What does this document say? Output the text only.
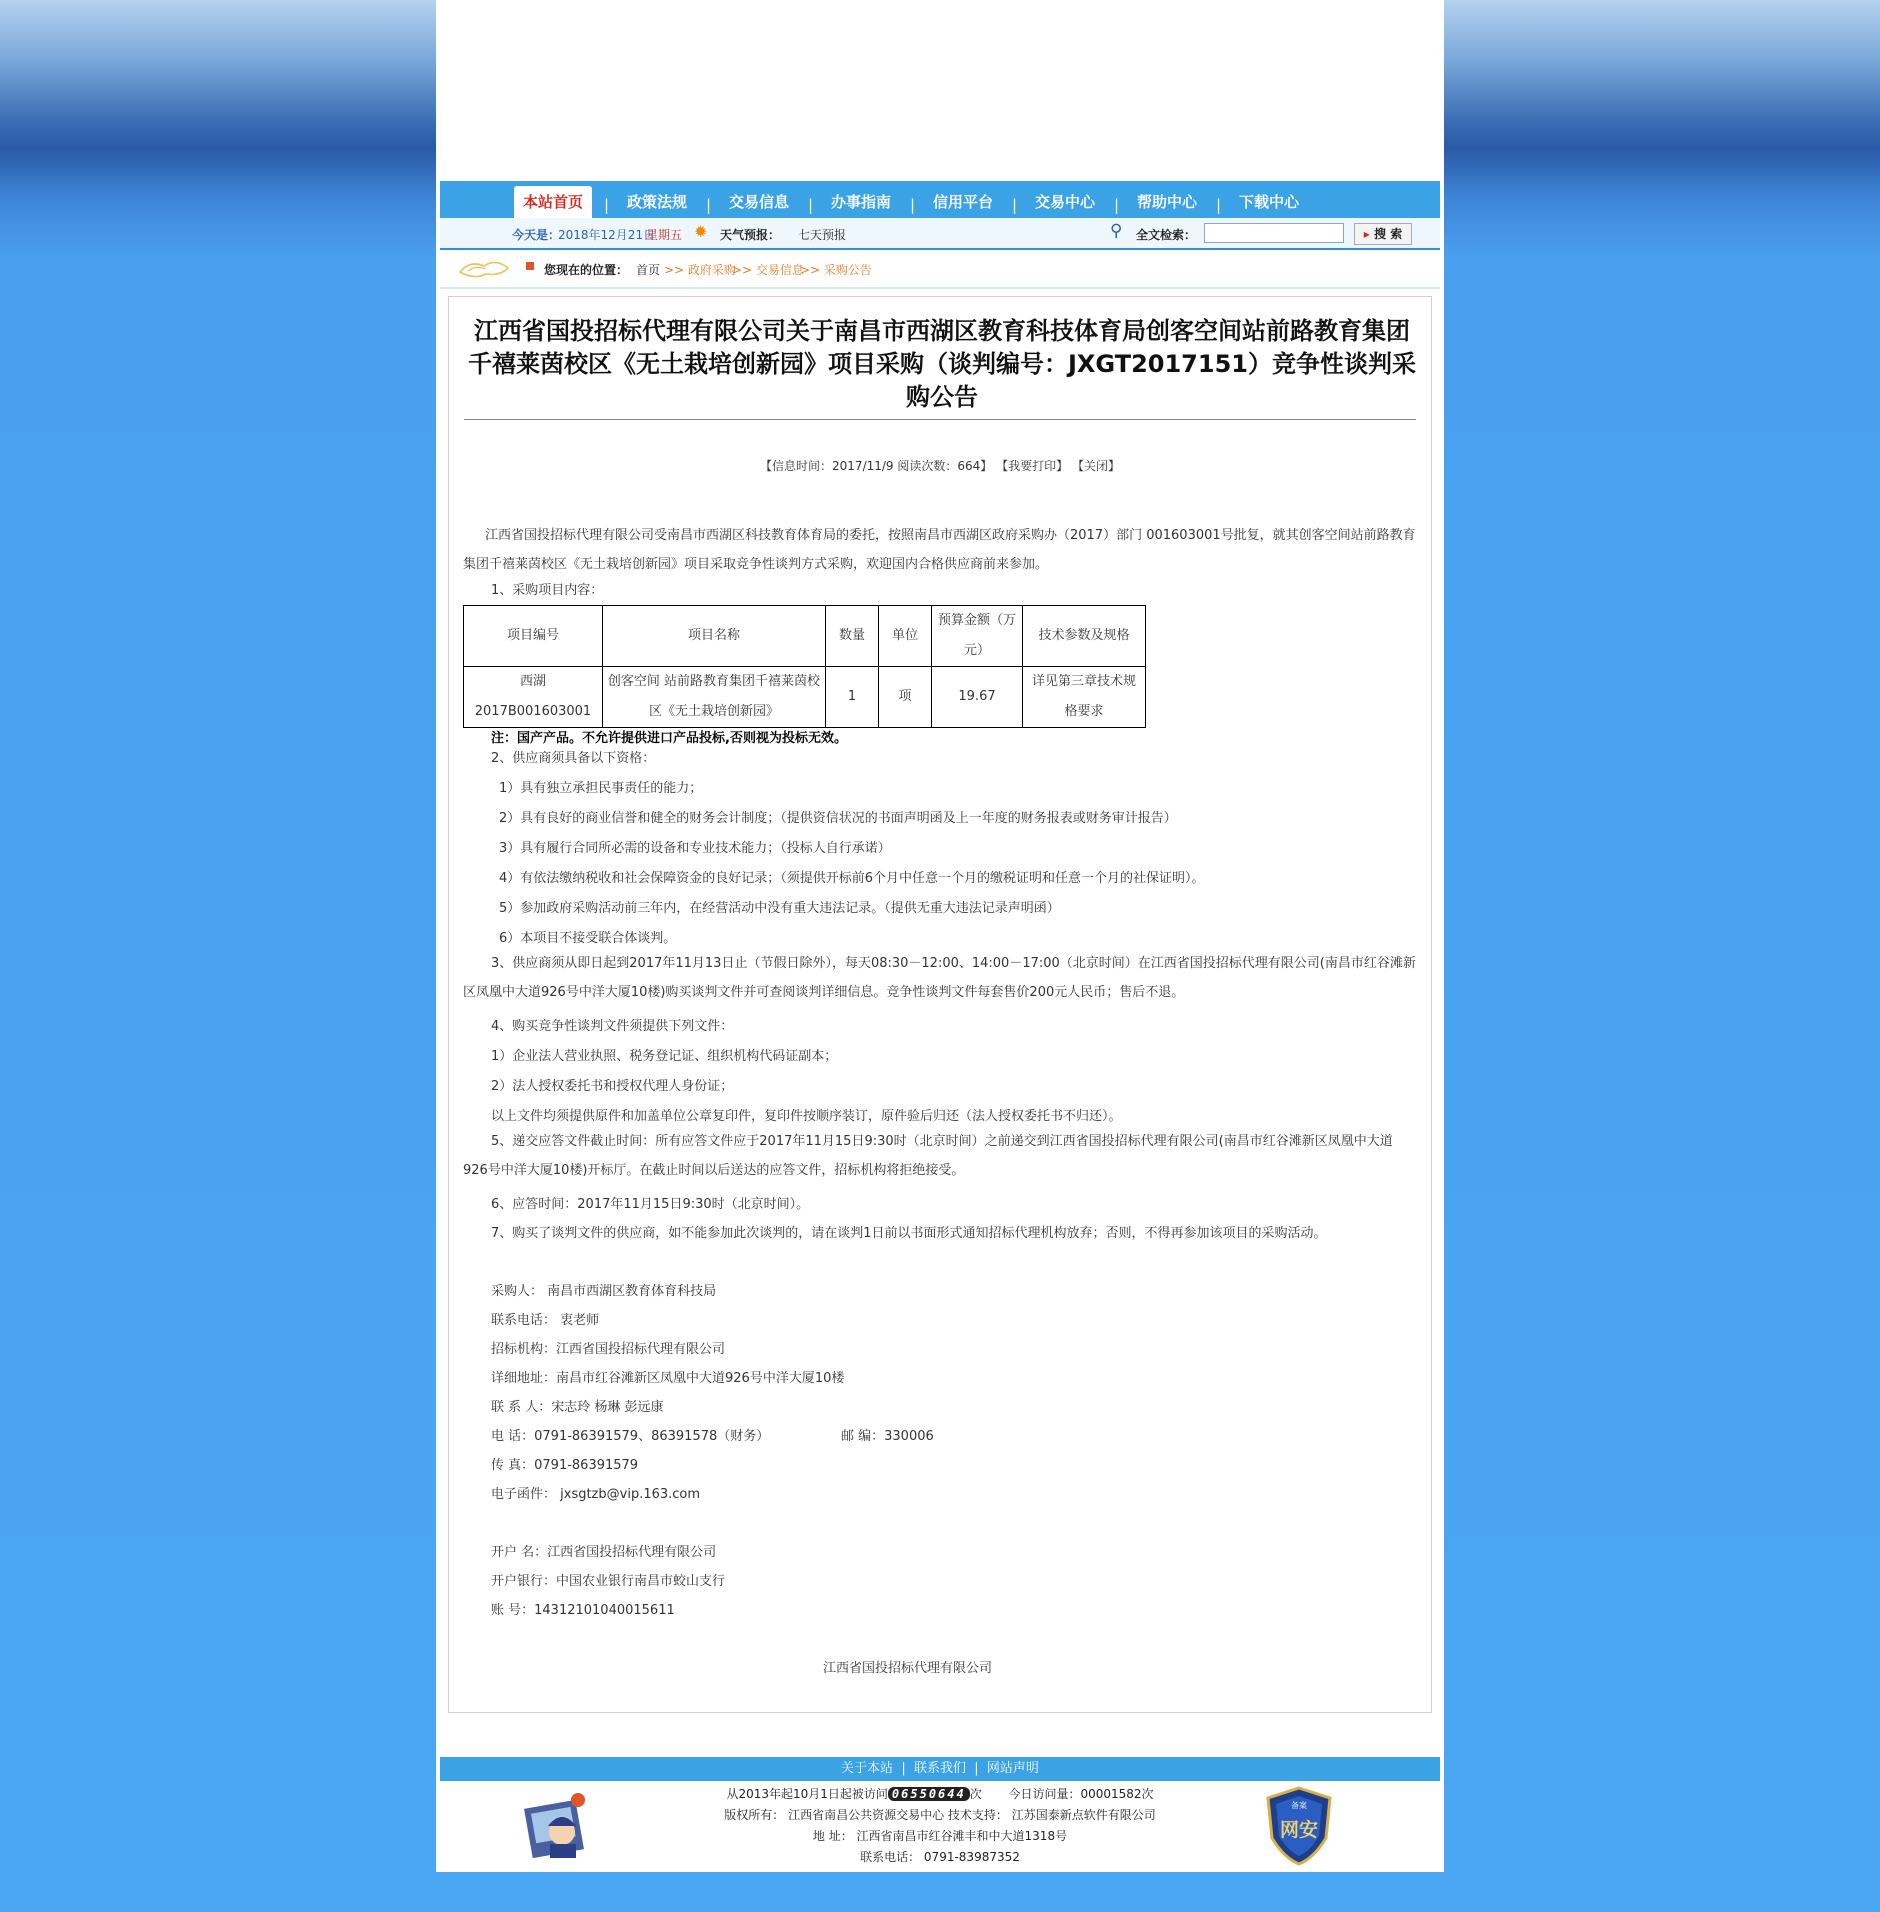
本站首页	|	政策法规	|	交易信息	|	办事指南	|	信用平台	|	交易中心	|	帮助中心	|	下载中心
今天是：
2018年12月21日
星期五 ✹ 天气预报： 七天预报	⚲ 全文检索：	▸ 搜 索
您现在的位置： 首页 >> 政府采购
>> 交易信息
>> 采购公告
江西省国投招标代理有限公司关于南昌市西湖区教育科技体育局创客空间站前路教育集团千禧莱茵校区《无土栽培创新园》项目采购（谈判编号：JXGT2017151）竞争性谈判采购公告
【信息时间：2017/11/9 阅读次数：664】 【我要打印】 【关闭】
江西省国投招标代理有限公司受南昌市西湖区科技教育体育局的委托，按照南昌市西湖区政府采购办（2017）部门 001603001号批复，就其创客空间站前路教育集团千禧莱茵校区《无土栽培创新园》项目采取竞争性谈判方式采购，欢迎国内合格供应商前来参加。
1、采购项目内容：
项目编号	项目名称	数量	单位	预算金额（万元）	技术参数及规格
西湖2017B001603001	创客空间 站前路教育集团千禧莱茵校区《无土栽培创新园》	1	项	19.67	详见第三章技术规格要求
注：国产产品。不允许提供进口产品投标,否则视为投标无效。
2、供应商须具备以下资格：
1）具有独立承担民事责任的能力；
2）具有良好的商业信誉和健全的财务会计制度；（提供资信状况的书面声明函及上一年度的财务报表或财务审计报告）
3）具有履行合同所必需的设备和专业技术能力；（投标人自行承诺）
4）有依法缴纳税收和社会保障资金的良好记录；（须提供开标前6个月中任意一个月的缴税证明和任意一个月的社保证明）。
5）参加政府采购活动前三年内，在经营活动中没有重大违法记录。（提供无重大违法记录声明函）
6）本项目不接受联合体谈判。
3、供应商须从即日起到2017年11月13日止（节假日除外），每天08:30－12:00、14:00－17:00（北京时间）在江西省国投招标代理有限公司(南昌市红谷滩新区凤凰中大道926号中洋大厦10楼)购买谈判文件并可查阅谈判详细信息。竞争性谈判文件每套售价200元人民币；售后不退。
4、购买竞争性谈判文件须提供下列文件：
1）企业法人营业执照、税务登记证、组织机构代码证副本；
2）法人授权委托书和授权代理人身份证；
以上文件均须提供原件和加盖单位公章复印件，复印件按顺序装订，原件验后归还（法人授权委托书不归还）。
5、递交应答文件截止时间：所有应答文件应于2017年11月15日9:30时（北京时间）之前递交到江西省国投招标代理有限公司(南昌市红谷滩新区凤凰中大道926号中洋大厦10楼)开标厅。在截止时间以后送达的应答文件，招标机构将拒绝接受。
6、应答时间：2017年11月15日9:30时（北京时间）。
7、购买了谈判文件的供应商，如不能参加此次谈判的，请在谈判1日前以书面形式通知招标代理机构放弃；否则，不得再参加该项目的采购活动。
采购人： 南昌市西湖区教育体育科技局
联系电话： 衷老师
招标机构：江西省国投招标代理有限公司
详细地址：南昌市红谷滩新区凤凰中大道926号中洋大厦10楼
联 系 人：宋志玲 杨琳 彭远康
电 话：0791-86391579、86391578（财务）	邮 编：330006
传 真：0791-86391579
电子函件： jxsgtzb@vip.163.com
开户 名：江西省国投招标代理有限公司
开户银行：中国农业银行南昌市蛟山支行
账 号：14312101040015611
江西省国投招标代理有限公司
关于本站 | 联系我们 | 网站声明
从2013年起10月1日起被访问 06550644 次 今日访问量：00001582次
版权所有： 江西省南昌公共资源交易中心 技术支持： 江苏国泰新点软件有限公司
地 址： 江西省南昌市红谷滩丰和中大道1318号
联系电话： 0791-83987352
备案
网安
